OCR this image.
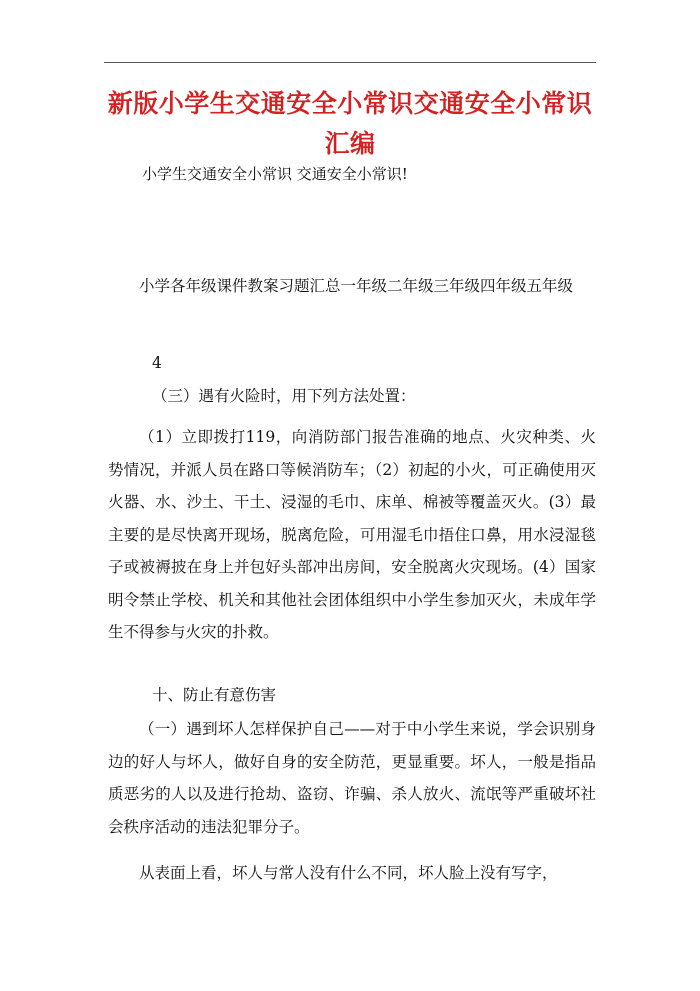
新版小学生交通安全小常识交通安全小常识汇编
小学生交通安全小常识 交通安全小常识!
小学各年级课件教案习题汇总一年级二年级三年级四年级五年级
4
（三）遇有火险时，用下列方法处置：
（1）立即拨打119，向消防部门报告准确的地点、火灾种类、火势情况，并派人员在路口等候消防车；（2）初起的小火，可正确使用灭火器、水、沙土、干土、浸湿的毛巾、床单、棉被等覆盖灭火。(3）最主要的是尽快离开现场，脱离危险，可用湿毛巾捂住口鼻，用水浸湿毯子或被褥披在身上并包好头部冲出房间，安全脱离火灾现场。(4）国家明令禁止学校、机关和其他社会团体组织中小学生参加灭火，未成年学生不得参与火灾的扑救。
十、防止有意伤害
（一）遇到坏人怎样保护自己——对于中小学生来说，学会识别身边的好人与坏人，做好自身的安全防范，更显重要。坏人，一般是指品质恶劣的人以及进行抢劫、盗窃、诈骗、杀人放火、流氓等严重破坏社会秩序活动的违法犯罪分子。
从表面上看，坏人与常人没有什么不同，坏人脸上没有写字，
